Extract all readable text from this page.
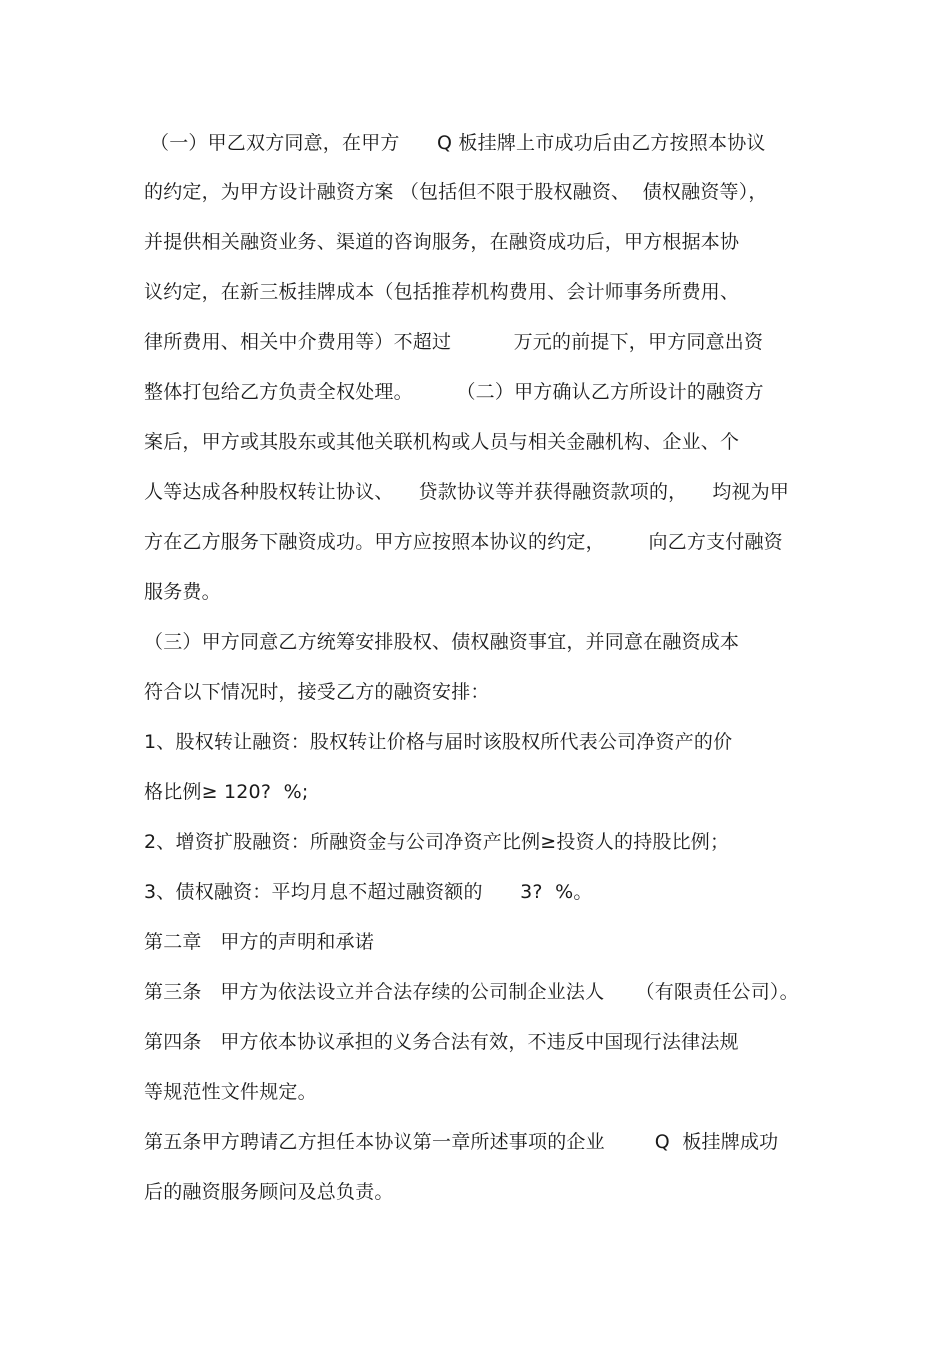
（一）甲乙双方同意，在甲方      Q 板挂牌上市成功后由乙方按照本协议
的约定，为甲方设计融资方案 （包括但不限于股权融资、  债权融资等），
并提供相关融资业务、渠道的咨询服务，在融资成功后，甲方根据本协
议约定，在新三板挂牌成本（包括推荐机构费用、会计师事务所费用、
律所费用、相关中介费用等）不超过          万元的前提下，甲方同意出资
整体打包给乙方负责全权处理。       （二）甲方确认乙方所设计的融资方
案后，甲方或其股东或其他关联机构或人员与相关金融机构、企业、个
人等达成各种股权转让协议、    贷款协议等并获得融资款项的，    均视为甲
方在乙方服务下融资成功。甲方应按照本协议的约定，       向乙方支付融资
服务费。
（三）甲方同意乙方统筹安排股权、债权融资事宜，并同意在融资成本
符合以下情况时，接受乙方的融资安排：
1、股权转让融资：股权转让价格与届时该股权所代表公司净资产的价
格比例≥ 120?  %;
2、增资扩股融资：所融资金与公司净资产比例≥投资人的持股比例；
3、债权融资：平均月息不超过融资额的      3?  %。
第二章   甲方的声明和承诺
第三条   甲方为依法设立并合法存续的公司制企业法人     （有限责任公司）。
第四条   甲方依本协议承担的义务合法有效，不违反中国现行法律法规
等规范性文件规定。
第五条甲方聘请乙方担任本协议第一章所述事项的企业        Q  板挂牌成功
后的融资服务顾问及总负责。
